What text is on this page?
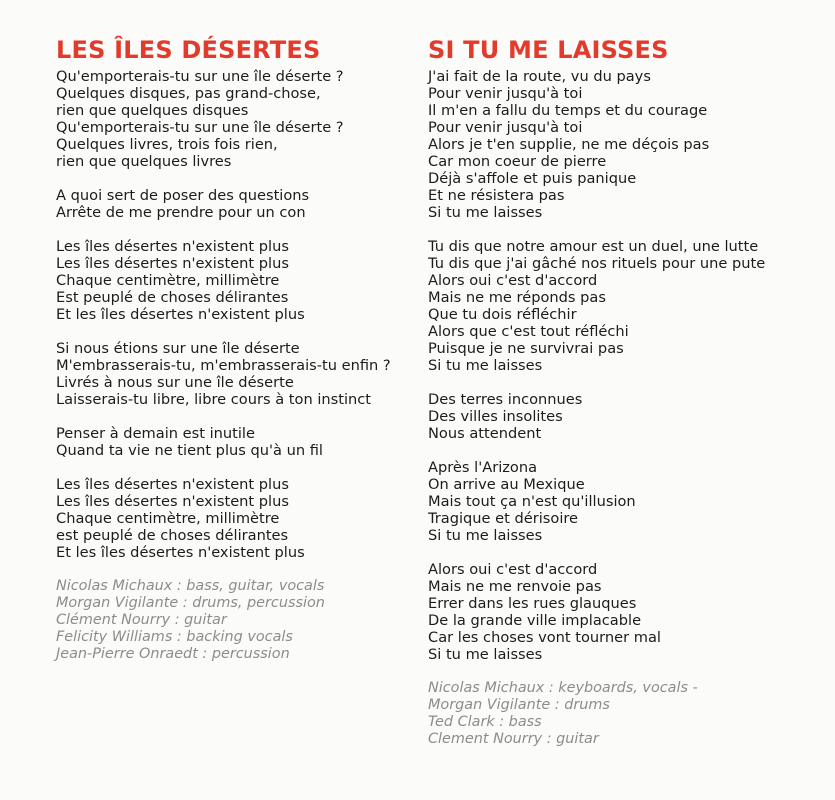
LES ÎLES DÉSERTES
Qu'emporterais-tu sur une île déserte ?
Quelques disques, pas grand-chose,
rien que quelques disques
Qu'emporterais-tu sur une île déserte ?
Quelques livres, trois fois rien,
rien que quelques livres
A quoi sert de poser des questions
Arrête de me prendre pour un con
Les îles désertes n'existent plus
Les îles désertes n'existent plus
Chaque centimètre, millimètre
Est peuplé de choses délirantes
Et les îles désertes n'existent plus
Si nous étions sur une île déserte
M'embrasserais-tu, m'embrasserais-tu enfin ?
Livrés à nous sur une île déserte
Laisserais-tu libre, libre cours à ton instinct
Penser à demain est inutile
Quand ta vie ne tient plus qu'à un fil
Les îles désertes n'existent plus
Les îles désertes n'existent plus
Chaque centimètre, millimètre
est peuplé de choses délirantes
Et les îles désertes n'existent plus
Nicolas Michaux : bass, guitar, vocals
Morgan Vigilante : drums, percussion
Clément Nourry : guitar
Felicity Williams : backing vocals
Jean-Pierre Onraedt : percussion
SI TU ME LAISSES
J'ai fait de la route, vu du pays
Pour venir jusqu'à toi
Il m'en a fallu du temps et du courage
Pour venir jusqu'à toi
Alors je t'en supplie, ne me déçois pas
Car mon coeur de pierre
Déjà s'affole et puis panique
Et ne résistera pas
Si tu me laisses
Tu dis que notre amour est un duel, une lutte
Tu dis que j'ai gâché nos rituels pour une pute
Alors oui c'est d'accord
Mais ne me réponds pas
Que tu dois réfléchir
Alors que c'est tout réfléchi
Puisque je ne survivrai pas
Si tu me laisses
Des terres inconnues
Des villes insolites
Nous attendent
Après l'Arizona
On arrive au Mexique
Mais tout ça n'est qu'illusion
Tragique et dérisoire
Si tu me laisses
Alors oui c'est d'accord
Mais ne me renvoie pas
Errer dans les rues glauques
De la grande ville implacable
Car les choses vont tourner mal
Si tu me laisses
Nicolas Michaux : keyboards, vocals -
Morgan Vigilante : drums
Ted Clark : bass
Clement Nourry : guitar
